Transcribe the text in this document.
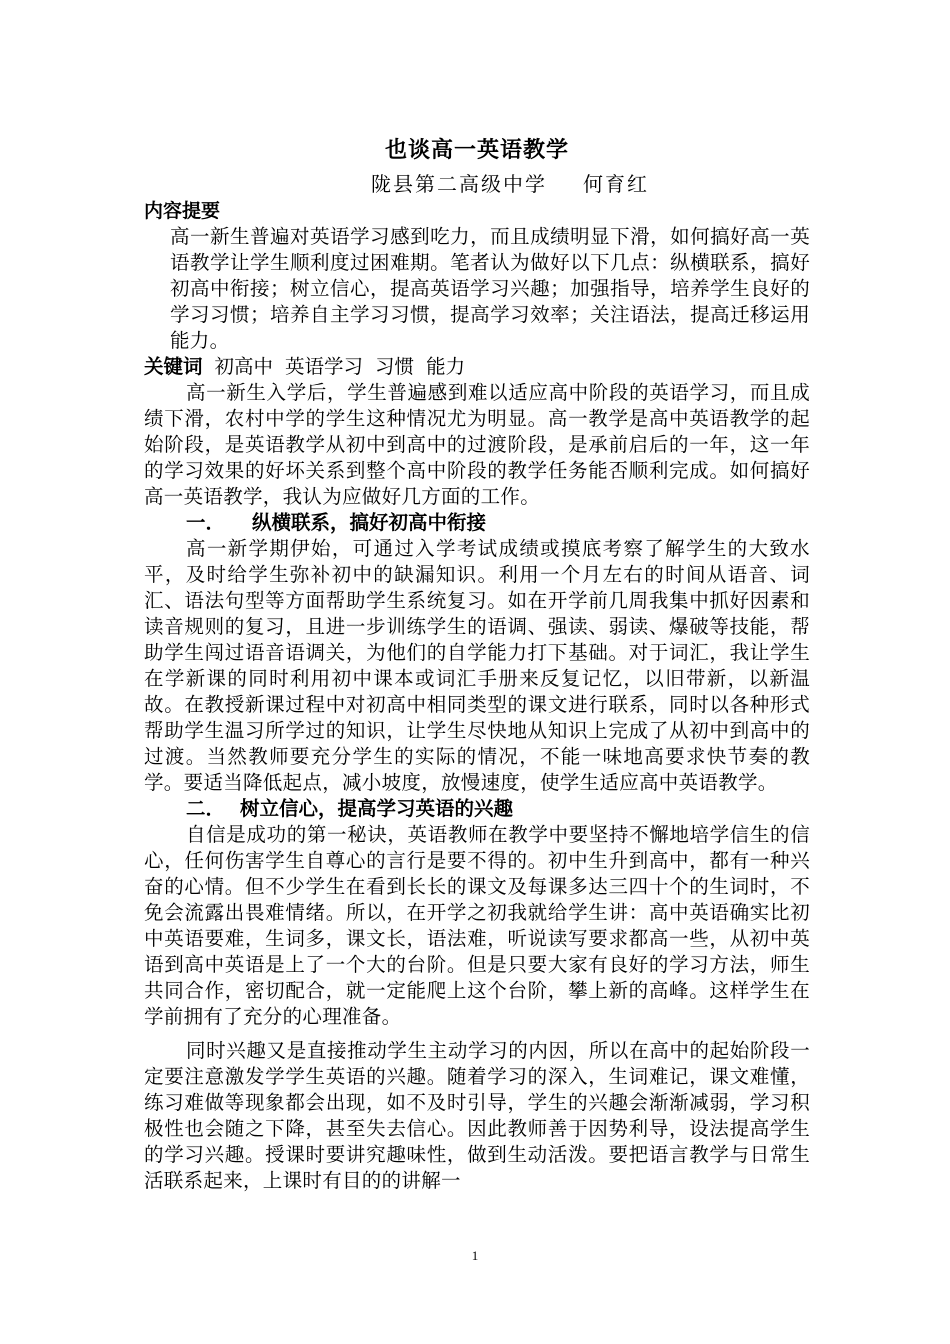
也谈高一英语教学

陇县第二高级中学 何育红

内容提要

高一新生普遍对英语学习感到吃力，而且成绩明显下滑，如何搞好高一英语教学让学生顺利度过困难期。笔者认为做好以下几点：纵横联系，搞好初高中衔接；树立信心，提高英语学习兴趣；加强指导，培养学生良好的学习习惯；培养自主学习习惯，提高学习效率；关注语法，提高迁移运用能力。

关键词 初高中 英语学习 习惯 能力

高一新生入学后，学生普遍感到难以适应高中阶段的英语学习，而且成绩下滑，农村中学的学生这种情况尤为明显。高一教学是高中英语教学的起始阶段，是英语教学从初中到高中的过渡阶段，是承前启后的一年，这一年的学习效果的好坏关系到整个高中阶段的教学任务能否顺利完成。如何搞好高一英语教学，我认为应做好几方面的工作。

一． 纵横联系，搞好初高中衔接

高一新学期伊始，可通过入学考试成绩或摸底考察了解学生的大致水平，及时给学生弥补初中的缺漏知识。利用一个月左右的时间从语音、词汇、语法句型等方面帮助学生系统复习。如在开学前几周我集中抓好因素和读音规则的复习，且进一步训练学生的语调、强读、弱读、爆破等技能，帮助学生闯过语音语调关，为他们的自学能力打下基础。对于词汇，我让学生在学新课的同时利用初中课本或词汇手册来反复记忆，以旧带新，以新温故。在教授新课过程中对初高中相同类型的课文进行联系，同时以各种形式帮助学生温习所学过的知识，让学生尽快地从知识上完成了从初中到高中的过渡。当然教师要充分学生的实际的情况，不能一味地高要求快节奏的教学。要适当降低起点，减小坡度，放慢速度，使学生适应高中英语教学。

二． 树立信心，提高学习英语的兴趣

自信是成功的第一秘诀，英语教师在教学中要坚持不懈地培学信生的信心，任何伤害学生自尊心的言行是要不得的。初中生升到高中，都有一种兴奋的心情。但不少学生在看到长长的课文及每课多达三四十个的生词时，不免会流露出畏难情绪。所以，在开学之初我就给学生讲：高中英语确实比初中英语要难，生词多，课文长，语法难，听说读写要求都高一些，从初中英语到高中英语是上了一个大的台阶。但是只要大家有良好的学习方法，师生共同合作，密切配合，就一定能爬上这个台阶，攀上新的高峰。这样学生在学前拥有了充分的心理准备。

同时兴趣又是直接推动学生主动学习的内因，所以在高中的起始阶段一定要注意激发学学生英语的兴趣。随着学习的深入，生词难记，课文难懂，练习难做等现象都会出现，如不及时引导，学生的兴趣会渐渐减弱，学习积极性也会随之下降，甚至失去信心。因此教师善于因势利导，设法提高学生的学习兴趣。授课时要讲究趣味性，做到生动活泼。要把语言教学与日常生活联系起来，上课时有目的的讲解一

1
